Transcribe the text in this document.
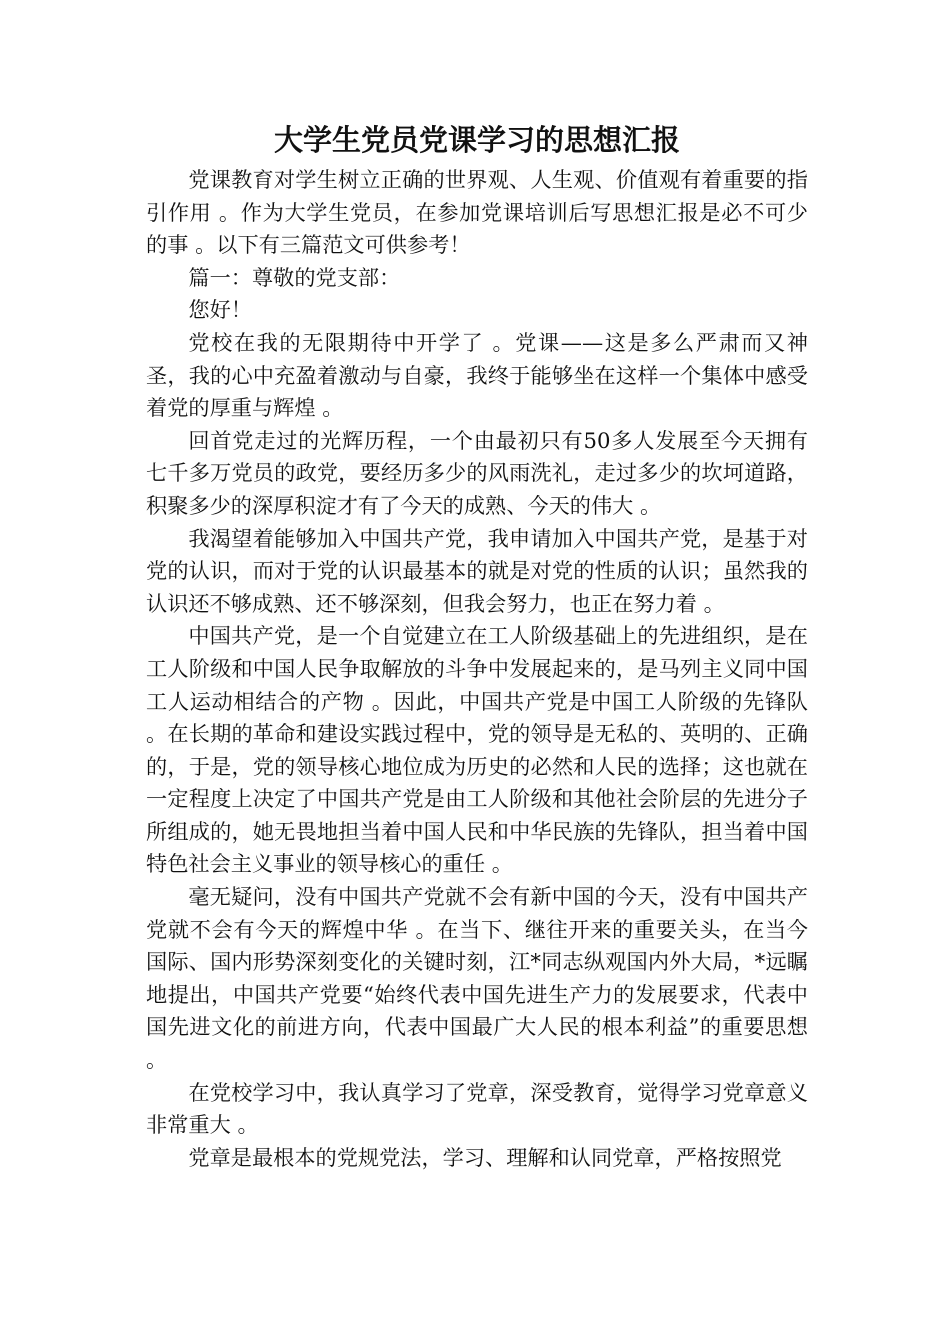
大学生党员党课学习的思想汇报

党课教育对学生树立正确的世界观、人生观、价值观有着重要的指引作用 。作为大学生党员，在参加党课培训后写思想汇报是必不可少的事 。以下有三篇范文可供参考！

篇一：尊敬的党支部：

您好！

党校在我的无限期待中开学了 。党课——这是多么严肃而又神圣，我的心中充盈着激动与自豪，我终于能够坐在这样一个集体中感受着党的厚重与辉煌 。

回首党走过的光辉历程，一个由最初只有50多人发展至今天拥有七千多万党员的政党，要经历多少的风雨洗礼，走过多少的坎坷道路，积聚多少的深厚积淀才有了今天的成熟、今天的伟大 。

我渴望着能够加入中国共产党，我申请加入中国共产党，是基于对党的认识，而对于党的认识最基本的就是对党的性质的认识；虽然我的认识还不够成熟、还不够深刻，但我会努力，也正在努力着 。

中国共产党，是一个自觉建立在工人阶级基础上的先进组织，是在工人阶级和中国人民争取解放的斗争中发展起来的，是马列主义同中国工人运动相结合的产物 。因此，中国共产党是中国工人阶级的先锋队 。在长期的革命和建设实践过程中，党的领导是无私的、英明的、正确的，于是，党的领导核心地位成为历史的必然和人民的选择；这也就在一定程度上决定了中国共产党是由工人阶级和其他社会阶层的先进分子所组成的，她无畏地担当着中国人民和中华民族的先锋队，担当着中国特色社会主义事业的领导核心的重任 。

毫无疑问，没有中国共产党就不会有新中国的今天，没有中国共产党就不会有今天的辉煌中华 。在当下、继往开来的重要关头，在当今国际、国内形势深刻变化的关键时刻，江*同志纵观国内外大局，*远瞩地提出，中国共产党要“始终代表中国先进生产力的发展要求，代表中国先进文化的前进方向，代表中国最广大人民的根本利益”的重要思想 。

在党校学习中，我认真学习了党章，深受教育，觉得学习党章意义非常重大 。

党章是最根本的党规党法，学习、理解和认同党章，严格按照党
